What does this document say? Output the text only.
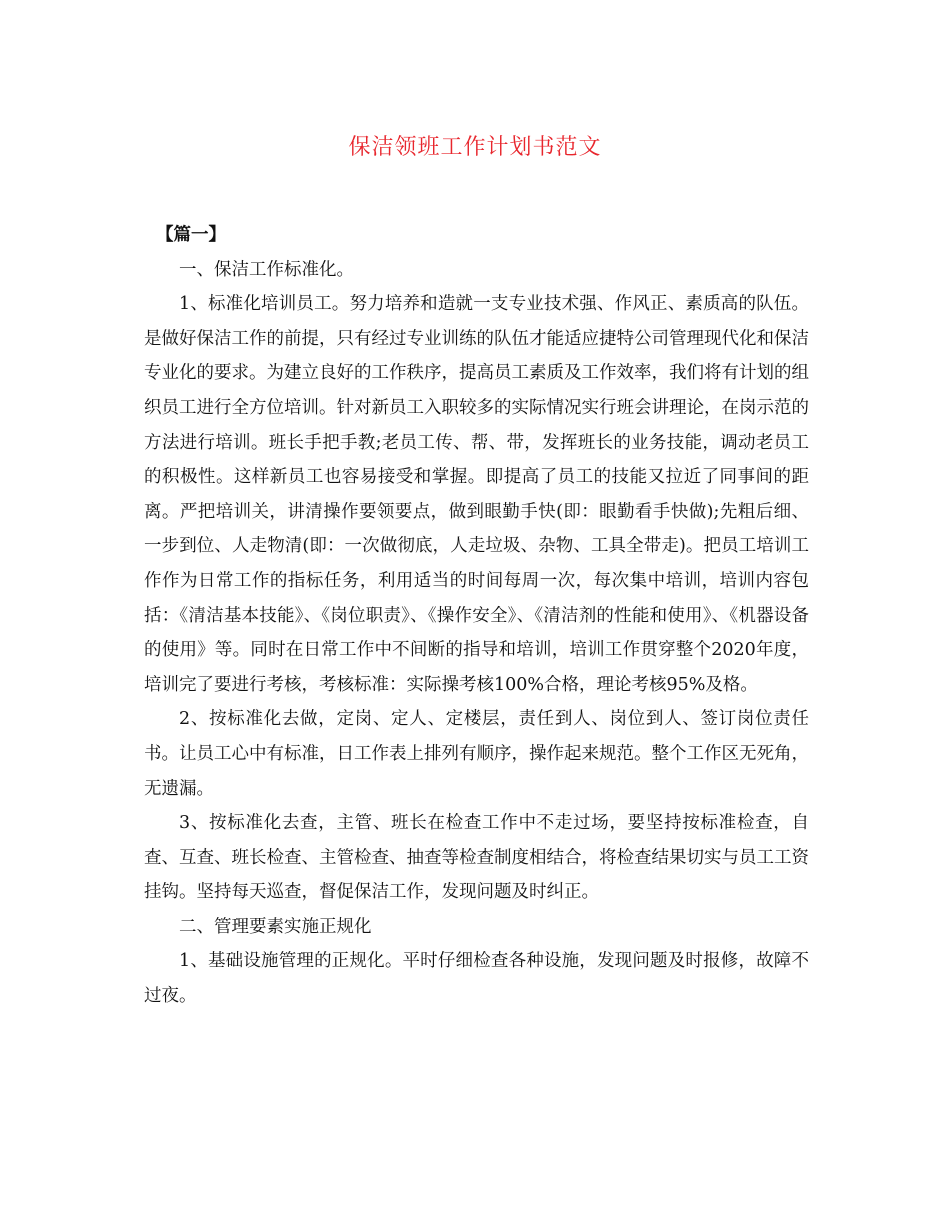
保洁领班工作计划书范文

【篇一】

一、保洁工作标准化。

1、标准化培训员工。努力培养和造就一支专业技术强、作风正、素质高的队伍。是做好保洁工作的前提，只有经过专业训练的队伍才能适应捷特公司管理现代化和保洁专业化的要求。为建立良好的工作秩序，提高员工素质及工作效率，我们将有计划的组织员工进行全方位培训。针对新员工入职较多的实际情况实行班会讲理论，在岗示范的方法进行培训。班长手把手教;老员工传、帮、带，发挥班长的业务技能，调动老员工的积极性。这样新员工也容易接受和掌握。即提高了员工的技能又拉近了同事间的距离。严把培训关，讲清操作要领要点，做到眼勤手快(即：眼勤看手快做);先粗后细、一步到位、人走物清(即：一次做彻底，人走垃圾、杂物、工具全带走)。把员工培训工作作为日常工作的指标任务，利用适当的时间每周一次，每次集中培训，培训内容包括：《清洁基本技能》、《岗位职责》、《操作安全》、《清洁剂的性能和使用》、《机器设备的使用》等。同时在日常工作中不间断的指导和培训，培训工作贯穿整个2020年度，培训完了要进行考核，考核标准：实际操考核100%合格，理论考核95%及格。

2、按标准化去做，定岗、定人、定楼层，责任到人、岗位到人、签订岗位责任书。让员工心中有标准，日工作表上排列有顺序，操作起来规范。整个工作区无死角，无遗漏。

3、按标准化去查，主管、班长在检查工作中不走过场，要坚持按标准检查，自查、互查、班长检查、主管检查、抽查等检查制度相结合，将检查结果切实与员工工资挂钩。坚持每天巡查，督促保洁工作，发现问题及时纠正。

二、管理要素实施正规化

1、基础设施管理的正规化。平时仔细检查各种设施，发现问题及时报修，故障不过夜。
